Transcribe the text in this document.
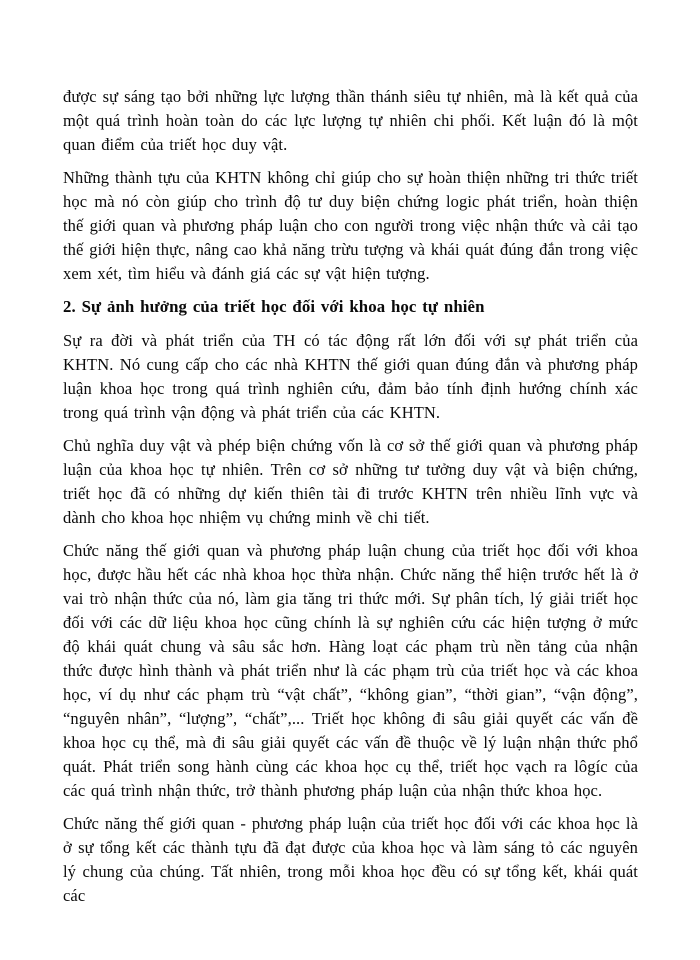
được sự sáng tạo bởi những lực lượng thần thánh siêu tự nhiên, mà là kết quả của một quá trình hoàn toàn do các lực lượng tự nhiên chi phối. Kết luận đó là một quan điểm của triết học duy vật.

Những thành tựu của KHTN không chỉ giúp cho sự hoàn thiện những tri thức triết học mà nó còn giúp cho trình độ tư duy biện chứng logic phát triển, hoàn thiện thế giới quan và phương pháp luận cho con người trong việc nhận thức và cải tạo thế giới hiện thực, nâng cao khả năng trừu tượng và khái quát đúng đắn trong việc xem xét, tìm hiểu và đánh giá các sự vật hiện tượng.

2. Sự ảnh hưởng của triết học đối với khoa học tự nhiên

Sự ra đời và phát triển của TH có tác động rất lớn đối với sự phát triển của KHTN. Nó cung cấp cho các nhà KHTN thế giới quan đúng đắn và phương pháp luận khoa học trong quá trình nghiên cứu, đảm bảo tính định hướng chính xác trong quá trình vận động và phát triển của các KHTN.

Chủ nghĩa duy vật và phép biện chứng vốn là cơ sở thế giới quan và phương pháp luận của khoa học tự nhiên. Trên cơ sở những tư tưởng duy vật và biện chứng, triết học đã có những dự kiến thiên tài đi trước KHTN trên nhiều lĩnh vực và dành cho khoa học nhiệm vụ chứng minh về chi tiết.

Chức năng thế giới quan và phương pháp luận chung của triết học đối với khoa học, được hầu hết các nhà khoa học thừa nhận. Chức năng thể hiện trước hết là ở vai trò nhận thức của nó, làm gia tăng tri thức mới. Sự phân tích, lý giải triết học đối với các dữ liệu khoa học cũng chính là sự nghiên cứu các hiện tượng ở mức độ khái quát chung và sâu sắc hơn. Hàng loạt các phạm trù nền tảng của nhận thức được hình thành và phát triển như là các phạm trù của triết học và các khoa học, ví dụ như các phạm trù “vật chất”, “không gian”, “thời gian”, “vận động”, “nguyên nhân”, “lượng”, “chất”,... Triết học không đi sâu giải quyết các vấn đề khoa học cụ thể, mà đi sâu giải quyết các vấn đề thuộc về lý luận nhận thức phổ quát. Phát triển song hành cùng các khoa học cụ thể, triết học vạch ra lôgíc của các quá trình nhận thức, trở thành phương pháp luận của nhận thức khoa học.

Chức năng thế giới quan - phương pháp luận của triết học đối với các khoa học là ở sự tổng kết các thành tựu đã đạt được của khoa học và làm sáng tỏ các nguyên lý chung của chúng. Tất nhiên, trong mỗi khoa học đều có sự tổng kết, khái quát các
